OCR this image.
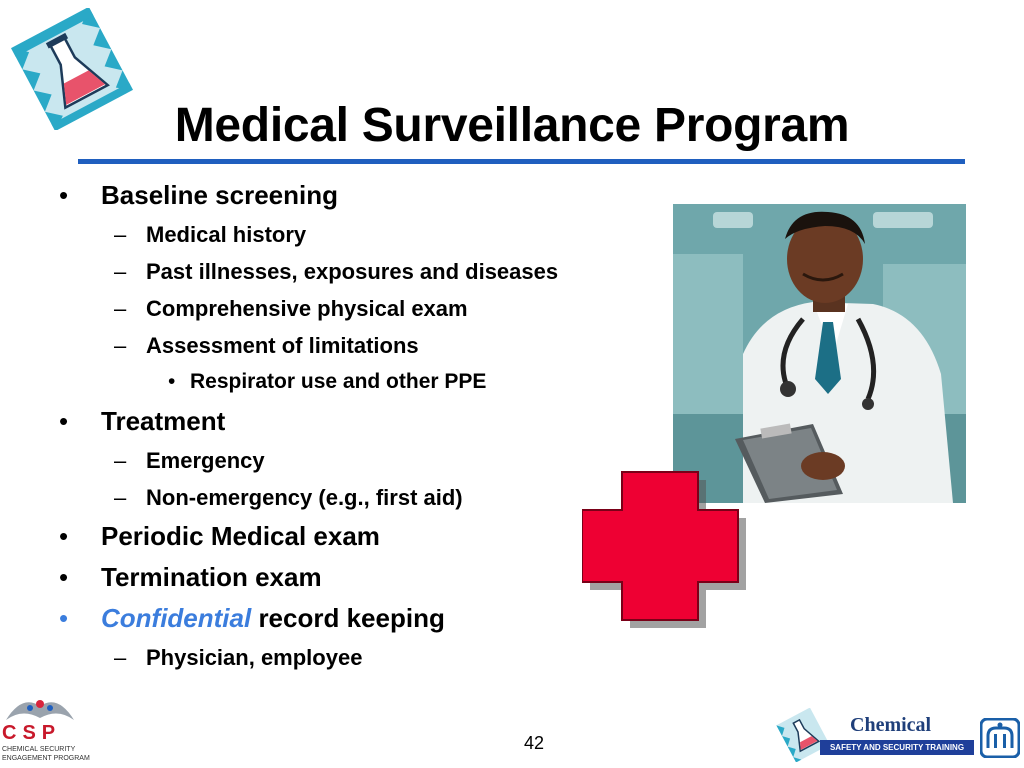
Medical Surveillance Program
• Baseline screening
– Medical history
– Past illnesses, exposures and diseases
– Comprehensive physical exam
– Assessment of limitations
• Respirator use and other PPE
• Treatment
– Emergency
– Non-emergency (e.g., first aid)
• Periodic Medical exam
• Termination exam
• Confidential record keeping
– Physician, employee
CSP
CHEMICAL SECURITY
ENGAGEMENT PROGRAM
42
Chemical
SAFETY AND SECURITY TRAINING
